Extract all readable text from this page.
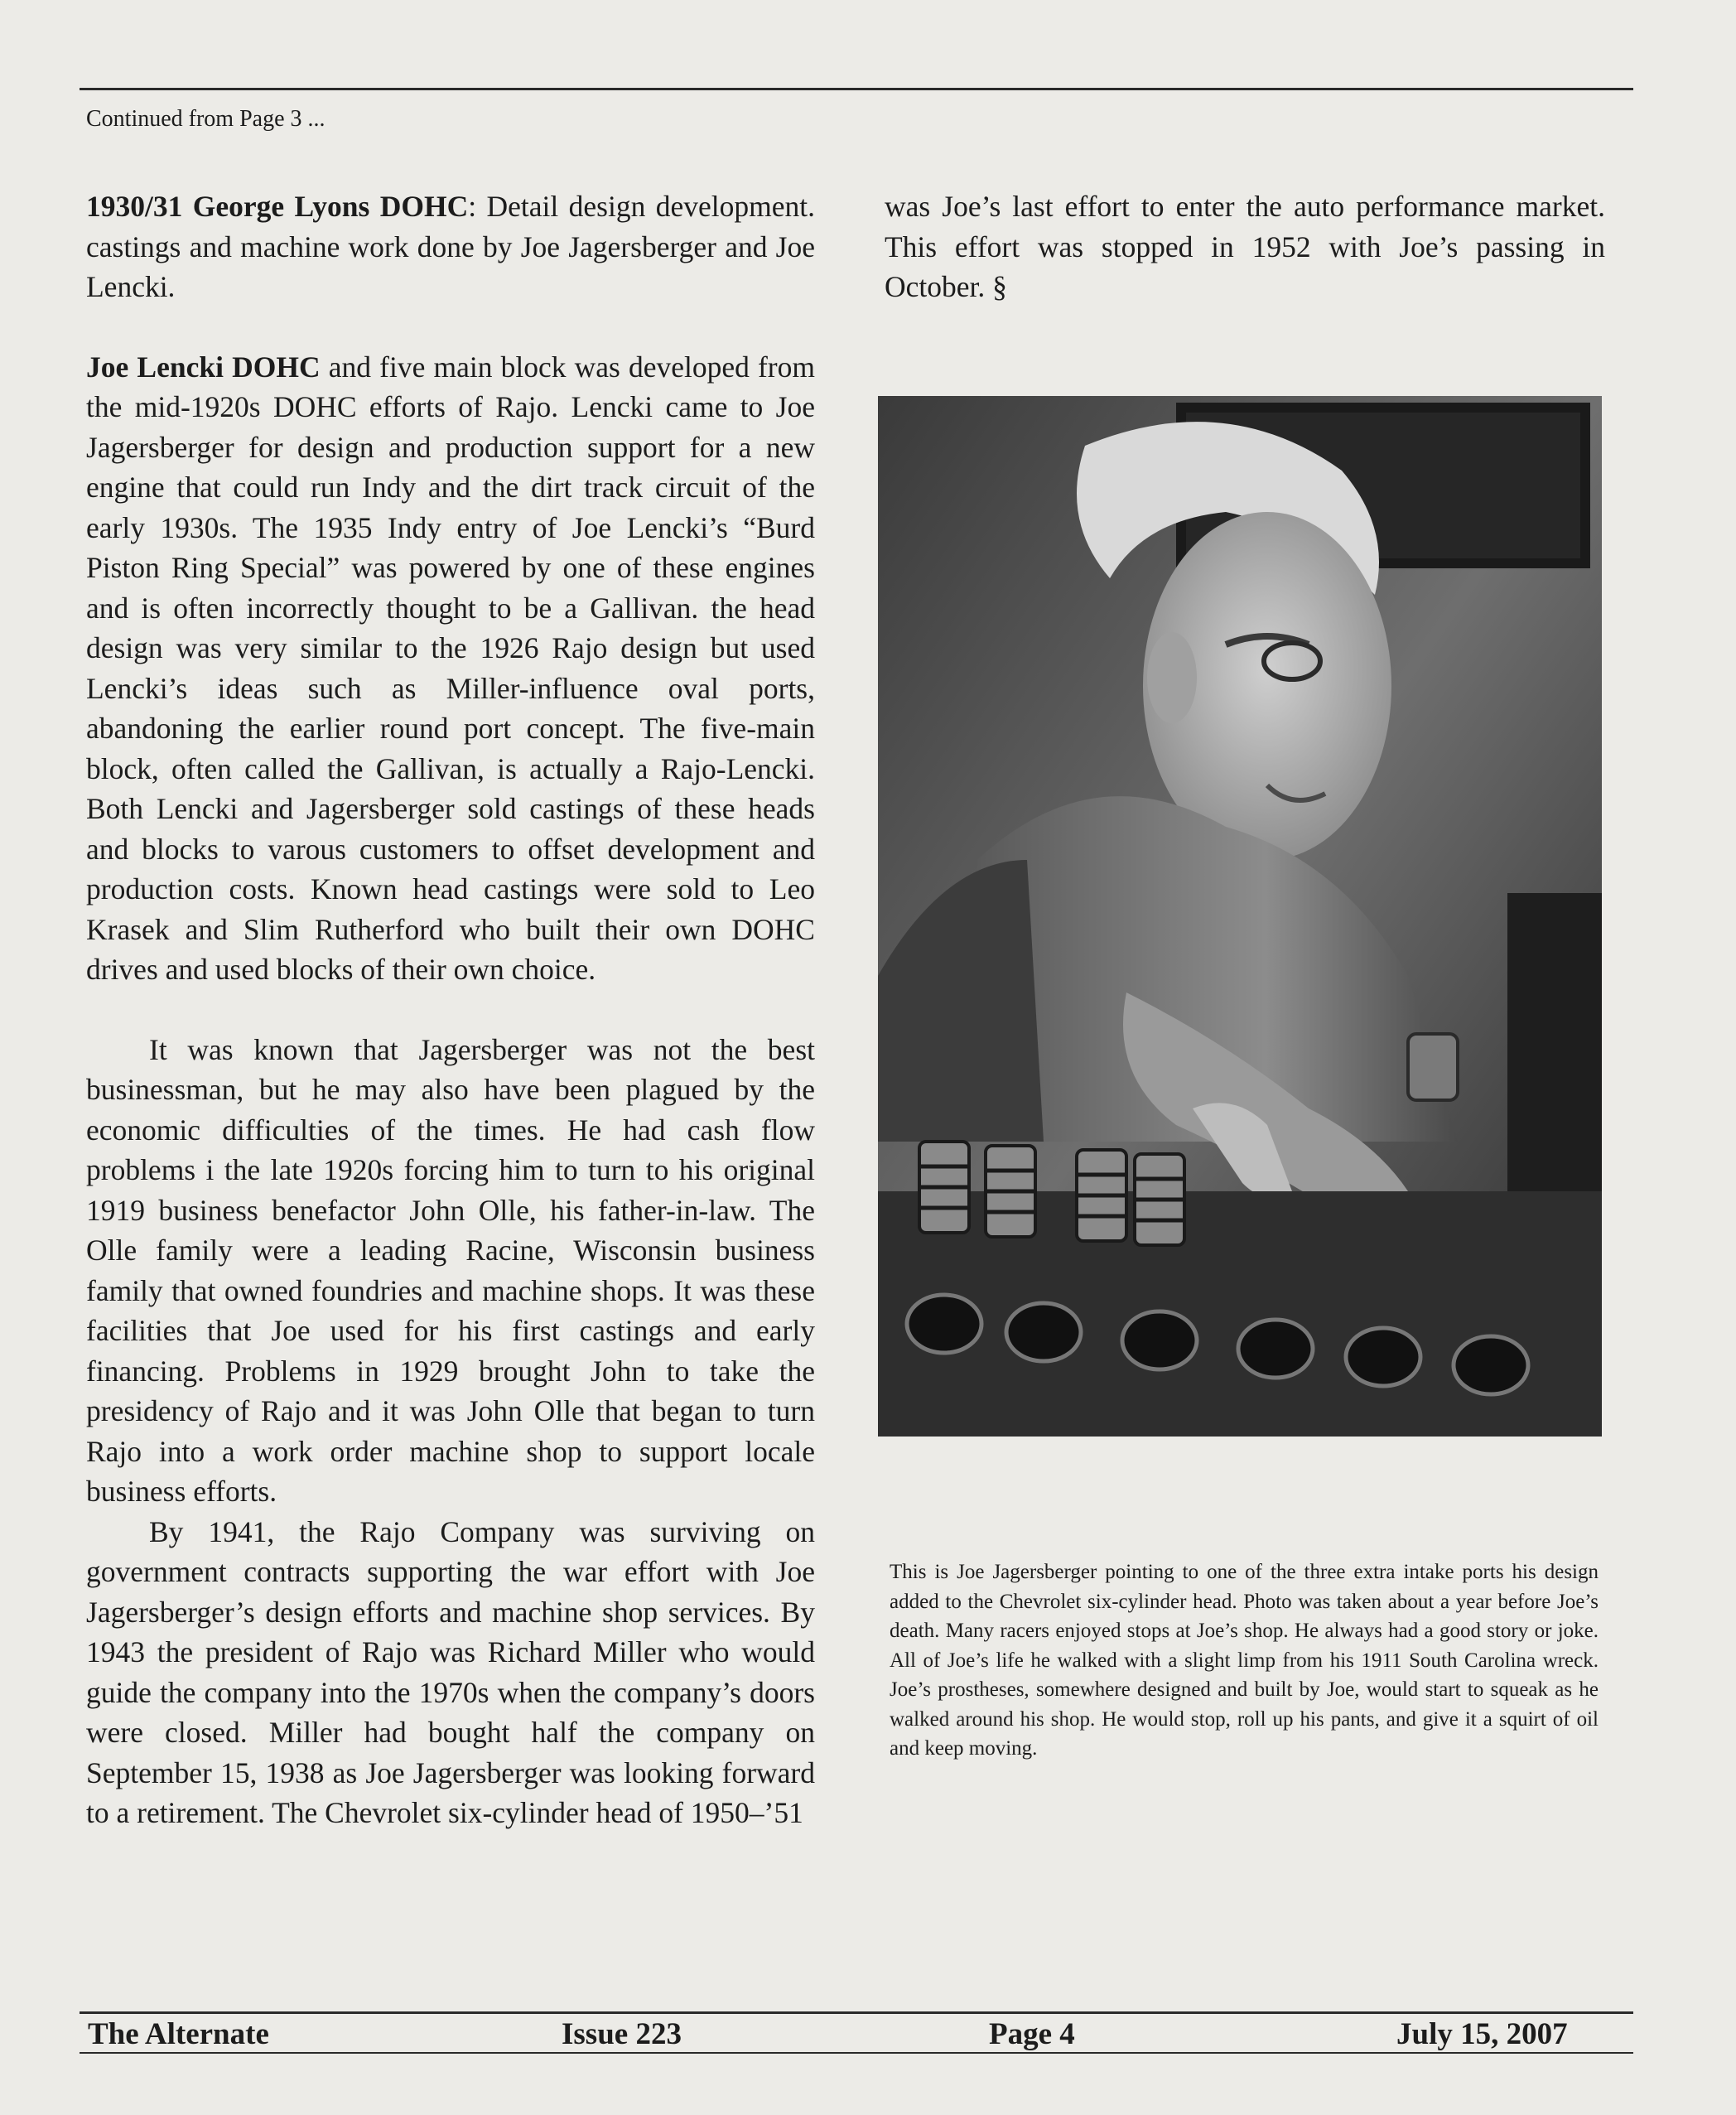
Continued from Page 3 ...

1930/31 George Lyons DOHC: Detail design development. castings and machine work done by Joe Jagersberger and Joe Lencki.

Joe Lencki DOHC and five main block was developed from the mid-1920s DOHC efforts of Rajo. Lencki came to Joe Jagersberger for design and production support for a new engine that could run Indy and the dirt track circuit of the early 1930s. The 1935 Indy entry of Joe Lencki’s “Burd Piston Ring Special” was powered by one of these engines and is often incorrectly thought to be a Gallivan. the head design was very similar to the 1926 Rajo design but used Lencki’s ideas such as Miller-influence oval ports, abandoning the earlier round port concept. The five-main block, often called the Gallivan, is actually a Rajo-Lencki. Both Lencki and Jagersberger sold castings of these heads and blocks to varous customers to offset development and production costs. Known head castings were sold to Leo Krasek and Slim Rutherford who built their own DOHC drives and used blocks of their own choice.

It was known that Jagersberger was not the best businessman, but he may also have been plagued by the economic difficulties of the times. He had cash flow problems i the late 1920s forcing him to turn to his original 1919 business benefactor John Olle, his father-in-law. The Olle family were a leading Racine, Wisconsin business family that owned foundries and machine shops. It was these facilities that Joe used for his first castings and early financing. Problems in 1929 brought John to take the presidency of Rajo and it was John Olle that began to turn Rajo into a work order machine shop to support locale business efforts.

By 1941, the Rajo Company was surviving on government contracts supporting the war effort with Joe Jagersberger’s design efforts and machine shop services. By 1943 the president of Rajo was Richard Miller who would guide the company into the 1970s when the company’s doors were closed. Miller had bought half the company on September 15, 1938 as Joe Jagersberger was looking forward to a retirement. The Chevrolet six-cylinder head of 1950–’51

was Joe’s last effort to enter the auto performance market. This effort was stopped in 1952 with Joe’s passing in October. §

This is Joe Jagersberger pointing to one of the three extra intake ports his design added to the Chevrolet six-cylinder head. Photo was taken about a year before Joe’s death. Many racers enjoyed stops at Joe’s shop. He always had a good story or joke. All of Joe’s life he walked with a slight limp from his 1911 South Carolina wreck. Joe’s prostheses, somewhere designed and built by Joe, would start to squeak as he walked around his shop. He would stop, roll up his pants, and give it a squirt of oil and keep moving.

The Alternate	Issue 223	Page 4	July 15, 2007
